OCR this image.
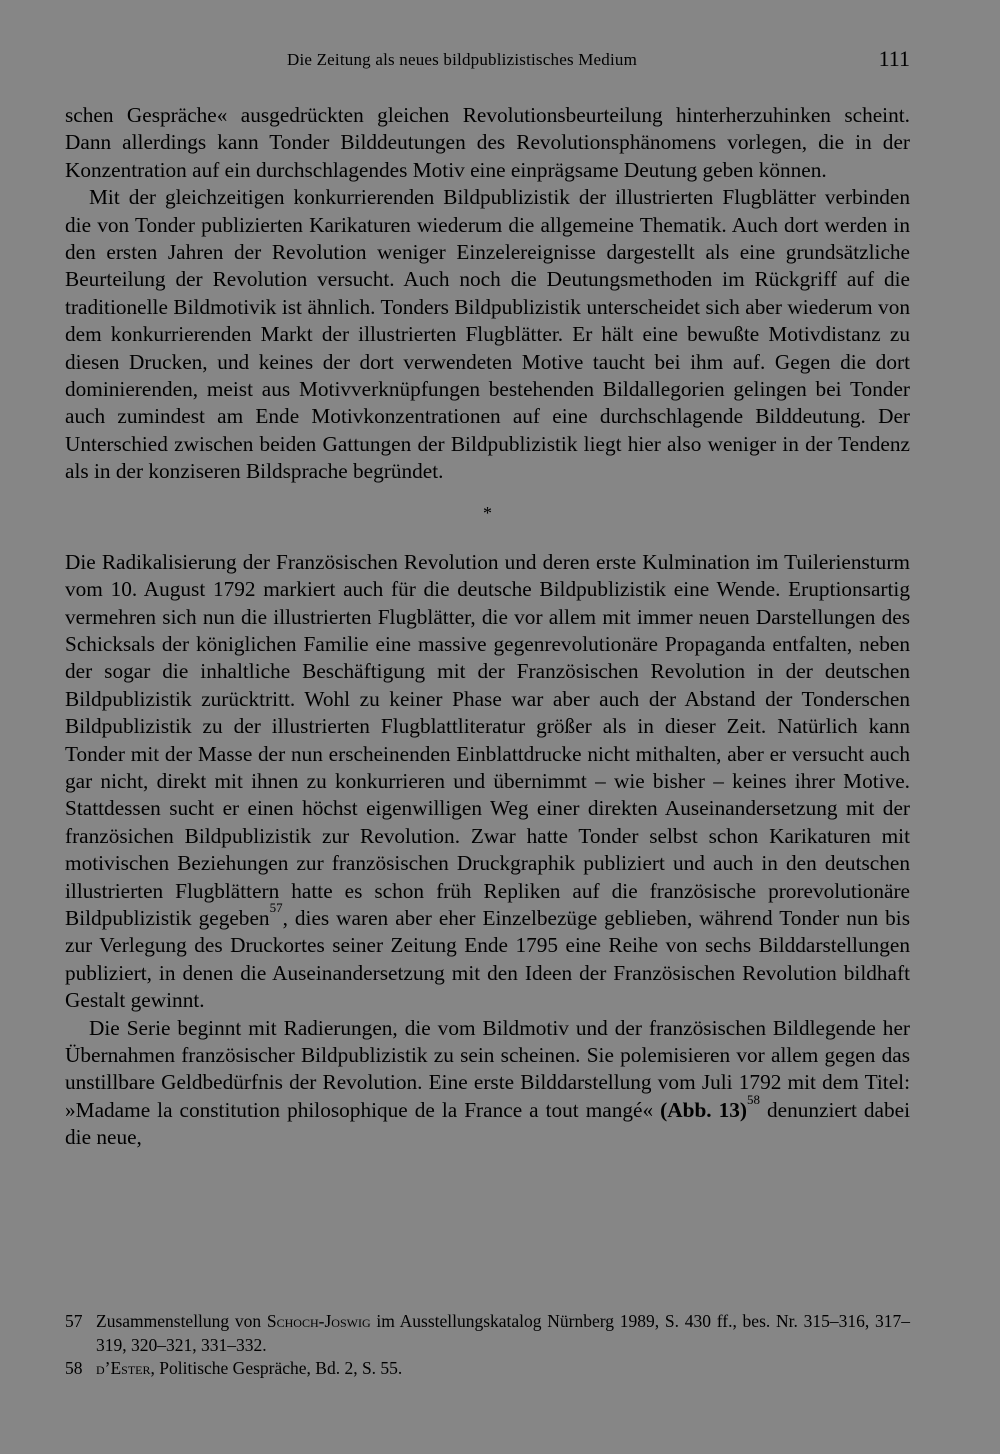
Die Zeitung als neues bildpublizistisches Medium	111

schen Gespräche« ausgedrückten gleichen Revolutionsbeurteilung hinterherzuhinken scheint. Dann allerdings kann Tonder Bilddeutungen des Revolutionsphänomens vorlegen, die in der Konzentration auf ein durchschlagendes Motiv eine einprägsame Deutung geben können.

Mit der gleichzeitigen konkurrierenden Bildpublizistik der illustrierten Flugblätter verbinden die von Tonder publizierten Karikaturen wiederum die allgemeine Thematik. Auch dort werden in den ersten Jahren der Revolution weniger Einzelereignisse dargestellt als eine grundsätzliche Beurteilung der Revolution versucht. Auch noch die Deutungsmethoden im Rückgriff auf die traditionelle Bildmotivik ist ähnlich. Tonders Bildpublizistik unterscheidet sich aber wiederum von dem konkurrierenden Markt der illustrierten Flugblätter. Er hält eine bewußte Motivdistanz zu diesen Drucken, und keines der dort verwendeten Motive taucht bei ihm auf. Gegen die dort dominierenden, meist aus Motivverknüpfungen bestehenden Bildallegorien gelingen bei Tonder auch zumindest am Ende Motivkonzentrationen auf eine durchschlagende Bilddeutung. Der Unterschied zwischen beiden Gattungen der Bildpublizistik liegt hier also weniger in der Tendenz als in der konziseren Bildsprache begründet.

*

Die Radikalisierung der Französischen Revolution und deren erste Kulmination im Tuileriensturm vom 10. August 1792 markiert auch für die deutsche Bildpublizistik eine Wende. Eruptionsartig vermehren sich nun die illustrierten Flugblätter, die vor allem mit immer neuen Darstellungen des Schicksals der königlichen Familie eine massive gegenrevolutionäre Propaganda entfalten, neben der sogar die inhaltliche Beschäftigung mit der Französischen Revolution in der deutschen Bildpublizistik zurücktritt. Wohl zu keiner Phase war aber auch der Abstand der Tonderschen Bildpublizistik zu der illustrierten Flugblattliteratur größer als in dieser Zeit. Natürlich kann Tonder mit der Masse der nun erscheinenden Einblattdrucke nicht mithalten, aber er versucht auch gar nicht, direkt mit ihnen zu konkurrieren und übernimmt – wie bisher – keines ihrer Motive. Stattdessen sucht er einen höchst eigenwilligen Weg einer direkten Auseinandersetzung mit der französichen Bildpublizistik zur Revolution. Zwar hatte Tonder selbst schon Karikaturen mit motivischen Beziehungen zur französischen Druckgraphik publiziert und auch in den deutschen illustrierten Flugblättern hatte es schon früh Repliken auf die französische prorevolutionäre Bildpublizistik gegeben$^{57}$, dies waren aber eher Einzelbezüge geblieben, während Tonder nun bis zur Verlegung des Druckortes seiner Zeitung Ende 1795 eine Reihe von sechs Bilddarstellungen publiziert, in denen die Auseinandersetzung mit den Ideen der Französischen Revolution bildhaft Gestalt gewinnt.

Die Serie beginnt mit Radierungen, die vom Bildmotiv und der französischen Bildlegende her Übernahmen französischer Bildpublizistik zu sein scheinen. Sie polemisieren vor allem gegen das unstillbare Geldbedürfnis der Revolution. Eine erste Bilddarstellung vom Juli 1792 mit dem Titel: »Madame la constitution philosophique de la France a tout mangé« (Abb. 13)$^{58}$ denunziert dabei die neue,

57 Zusammenstellung von Schoch-Joswig im Ausstellungskatalog Nürnberg 1989, S. 430 ff., bes. Nr. 315–316, 317–319, 320–321, 331–332.
58 d’Ester, Politische Gespräche, Bd. 2, S. 55.
